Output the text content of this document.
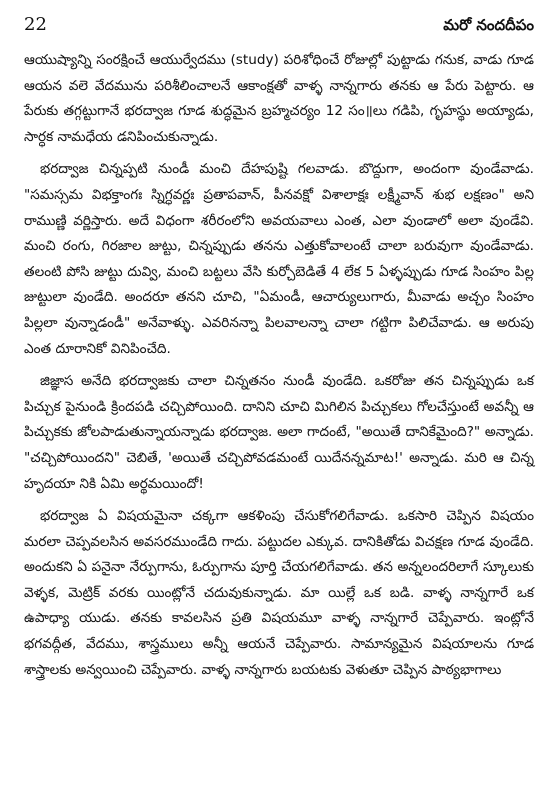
22	మరో నందదీపం

ఆయుష్యాన్ని సంరక్షించే ఆయుర్వేదము (study) పరిశోధించే రోజుల్లో పుట్టాడు గనుక, వాడు గూడ ఆయన వలె వేదమును పరిశీలించాలనే ఆకాంక్షతో వాళ్ళ నాన్నగారు తనకు ఆ పేరు పెట్టారు. ఆ పేరుకు తగ్గట్టుగానే భరద్వాజ గూడ శుద్ధమైన బ్రహ్మచర్యం 12 సం॥లు గడిపి, గృహస్థు అయ్యాడు, సార్ధక నామధేయ డనిపించుకున్నాడు.

భరద్వాజ చిన్నప్పటి నుండీ మంచి దేహపుష్టి గలవాడు. బొద్దుగా, అందంగా వుండేవాడు. "సమస్సమ విభక్తాంగః స్నిగ్ధవర్ణః ప్రతాపవాన్, పీనవక్షో విశాలాక్షః లక్ష్మీవాన్ శుభ లక్షణం" అని రాముణ్ణి వర్ణిస్తారు. అదే విధంగా శరీరంలోని అవయవాలు ఎంత, ఎలా వుండాలో అలా వుండేవి. మంచి రంగు, గిరజాల జుట్టు, చిన్నప్పుడు తనను ఎత్తుకోవాలంటే చాలా బరువుగా వుండేవాడు. తలంటి పోసి జుట్టు దువ్వి, మంచి బట్టలు వేసి కుర్చోబెడితే 4 లేక 5 ఏళ్ళప్పుడు గూడ సింహం పిల్ల జుట్టులా వుండేది. అందరూ తనని చూచి, "ఏమండీ, ఆచార్యులుగారు, మీవాడు అచ్చం సింహం పిల్లలా వున్నాడండీ" అనేవాళ్ళు. ఎవరినన్నా పిలవాలన్నా చాలా గట్టిగా పిలిచేవాడు. ఆ అరుపు ఎంత దూరానికో వినిపించేది.

జిజ్ఞాస అనేది భరద్వాజకు చాలా చిన్నతనం నుండీ వుండేది. ఒకరోజు తన చిన్నప్పుడు ఒక పిచ్చుక పైనుండి క్రిందపడి చచ్చిపోయింది. దానిని చూచి మిగిలిన పిచ్చుకలు గోలచేస్తుంటే అవన్నీ ఆ పిచ్చుకకు జోలపాడుతున్నాయన్నాడు భరద్వాజ. అలా గాదంటే, "అయితే దానికేమైంది?" అన్నాడు. "చచ్చిపోయిందని" చెబితే, 'అయితే చచ్చిపోవడమంటే యిదేనన్నమాట!' అన్నాడు. మరి ఆ చిన్న హృదయా నికి ఏమి అర్థమయిందో!

భరద్వాజ ఏ విషయమైనా చక్కగా ఆకళింపు చేసుకోగలిగేవాడు. ఒకసారి చెప్పిన విషయం మరలా చెప్పవలసిన అవసరముండేది గాదు. పట్టుదల ఎక్కువ. దానికితోడు విచక్షణ గూడ వుండేది. అందుకని ఏ పనైనా నేర్పుగాను, ఓర్పుగాను పూర్తి చేయగలిగేవాడు. తన అన్నలందరిలాగే స్కూలుకు వెళ్ళక, మెట్రిక్ వరకు యింట్లోనే చదువుకున్నాడు. మా యిల్లే ఒక బడి. వాళ్ళ నాన్నగారే ఒక ఉపాధ్యా యుడు. తనకు కావలసిన ప్రతి విషయమూ వాళ్ళ నాన్నగారే చెప్పేవారు. ఇంట్లోనే భగవద్గీత, వేదము, శాస్త్రములు అన్నీ ఆయనే చెప్పేవారు. సామాన్యమైన విషయాలను గూడ శాస్త్రాలకు అన్వయించి చెప్పేవారు. వాళ్ళ నాన్నగారు బయటకు వెళుతూ చెప్పిన పాఠ్యభాగాలు
